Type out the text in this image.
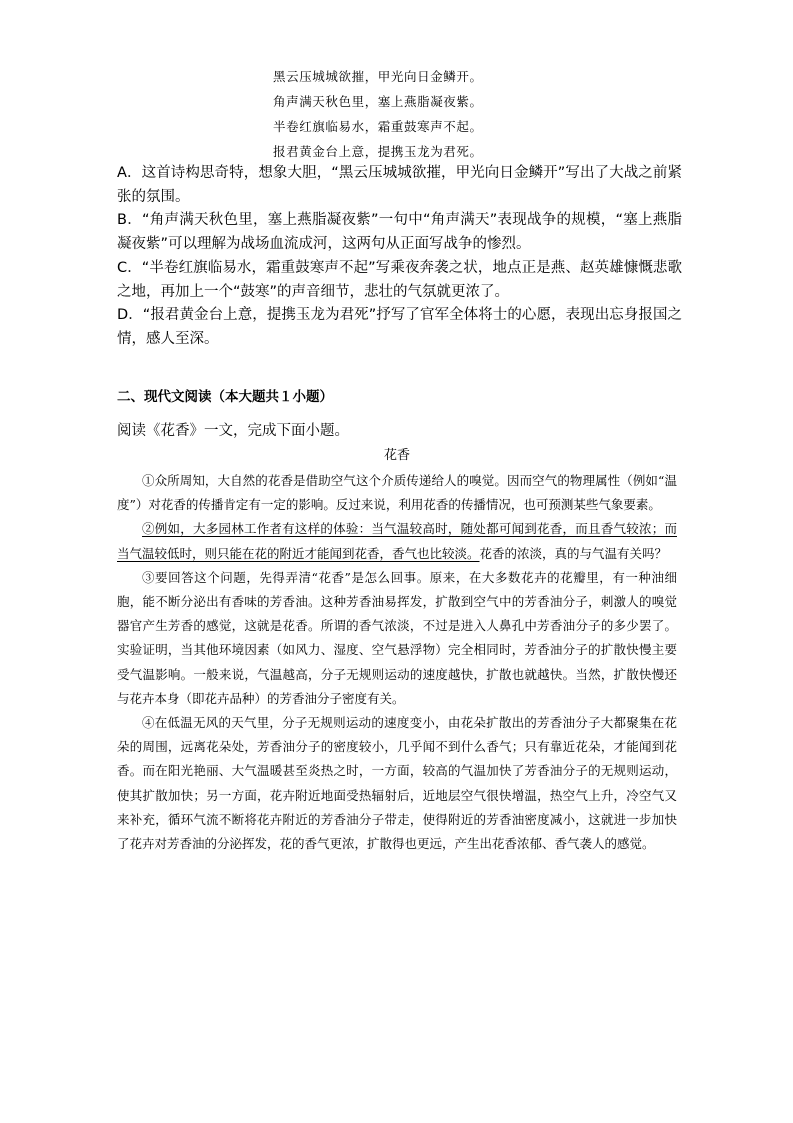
黑云压城城欲摧，甲光向日金鳞开。
角声满天秋色里，塞上燕脂凝夜紫。
半卷红旗临易水，霜重鼓寒声不起。
报君黄金台上意，提携玉龙为君死。

A．这首诗构思奇特，想象大胆，“黑云压城城欲摧，甲光向日金鳞开”写出了大战之前紧张的氛围。

B．“角声满天秋色里，塞上燕脂凝夜紫”一句中“角声满天”表现战争的规模，“塞上燕脂凝夜紫”可以理解为战场血流成河，这两句从正面写战争的惨烈。

C．“半卷红旗临易水，霜重鼓寒声不起”写乘夜奔袭之状，地点正是燕、赵英雄慷慨悲歌之地，再加上一个“鼓寒”的声音细节，悲壮的气氛就更浓了。

D．“报君黄金台上意，提携玉龙为君死”抒写了官军全体将士的心愿，表现出忘身报国之情，感人至深。

二、现代文阅读（本大题共１小题）
阅读《花香》一文，完成下面小题。
花香

①众所周知，大自然的花香是借助空气这个介质传递给人的嗅觉。因而空气的物理属性（例如“温度”）对花香的传播肯定有一定的影响。反过来说，利用花香的传播情况，也可预测某些气象要素。

②例如，大多园林工作者有这样的体验：当气温较高时，随处都可闻到花香，而且香气较浓；而当气温较低时，则只能在花的附近才能闻到花香，香气也比较淡。花香的浓淡，真的与气温有关吗？

③要回答这个问题，先得弄清“花香”是怎么回事。原来，在大多数花卉的花瓣里，有一种油细胞，能不断分泌出有香味的芳香油。这种芳香油易挥发，扩散到空气中的芳香油分子，刺激人的嗅觉器官产生芳香的感觉，这就是花香。所谓的香气浓淡，不过是进入人鼻孔中芳香油分子的多少罢了。实验证明，当其他环境因素（如风力、湿度、空气悬浮物）完全相同时，芳香油分子的扩散快慢主要受气温影响。一般来说，气温越高，分子无规则运动的速度越快，扩散也就越快。当然，扩散快慢还与花卉本身（即花卉品种）的芳香油分子密度有关。

④在低温无风的天气里，分子无规则运动的速度变小，由花朵扩散出的芳香油分子大都聚集在花朵的周围，远离花朵处，芳香油分子的密度较小，几乎闻不到什么香气；只有靠近花朵，才能闻到花香。而在阳光艳丽、大气温暖甚至炎热之时，一方面，较高的气温加快了芳香油分子的无规则运动，使其扩散加快；另一方面，花卉附近地面受热辐射后，近地层空气很快增温，热空气上升，冷空气又来补充，循环气流不断将花卉附近的芳香油分子带走，使得附近的芳香油密度减小，这就进一步加快了花卉对芳香油的分泌挥发，花的香气更浓，扩散得也更远，产生出花香浓郁、香气袭人的感觉。
